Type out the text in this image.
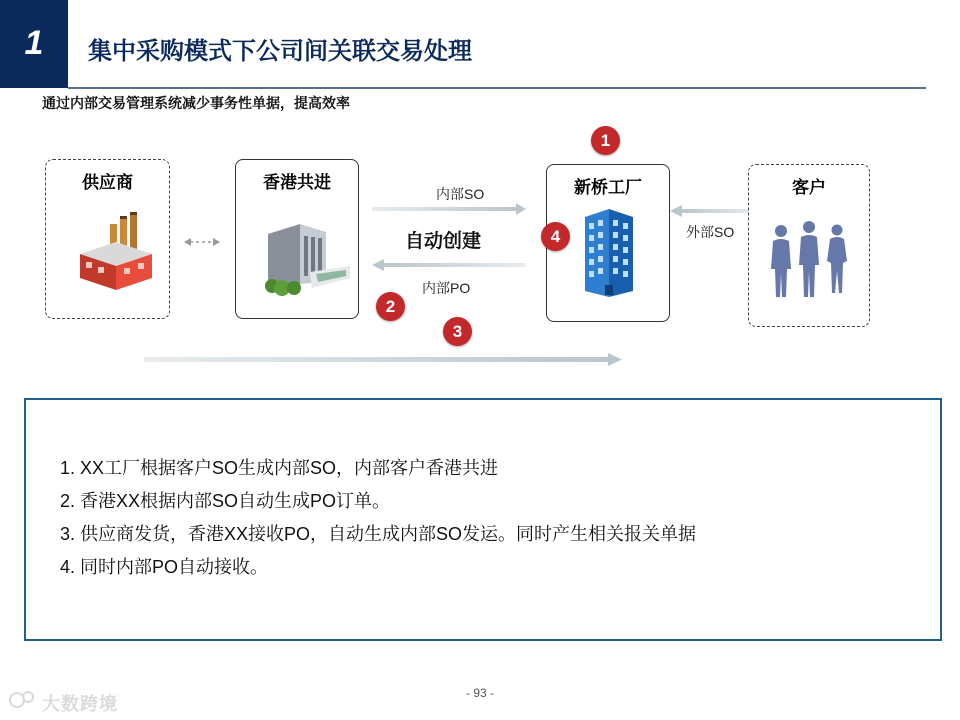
1	集中采购模式下公司间关联交易处理
通过内部交易管理系统减少事务性单据，提高效率
供应商	香港共进	新桥工厂	客户
内部SO
自动创建
内部PO
外部SO
1
2
3
4
1. XX工厂根据客户SO生成内部SO，内部客户香港共进
2. 香港XX根据内部SO自动生成PO订单。
3. 供应商发货，香港XX接收PO，自动生成内部SO发运。同时产生相关报关单据
4. 同时内部PO自动接收。
- 93 -
大数跨境
